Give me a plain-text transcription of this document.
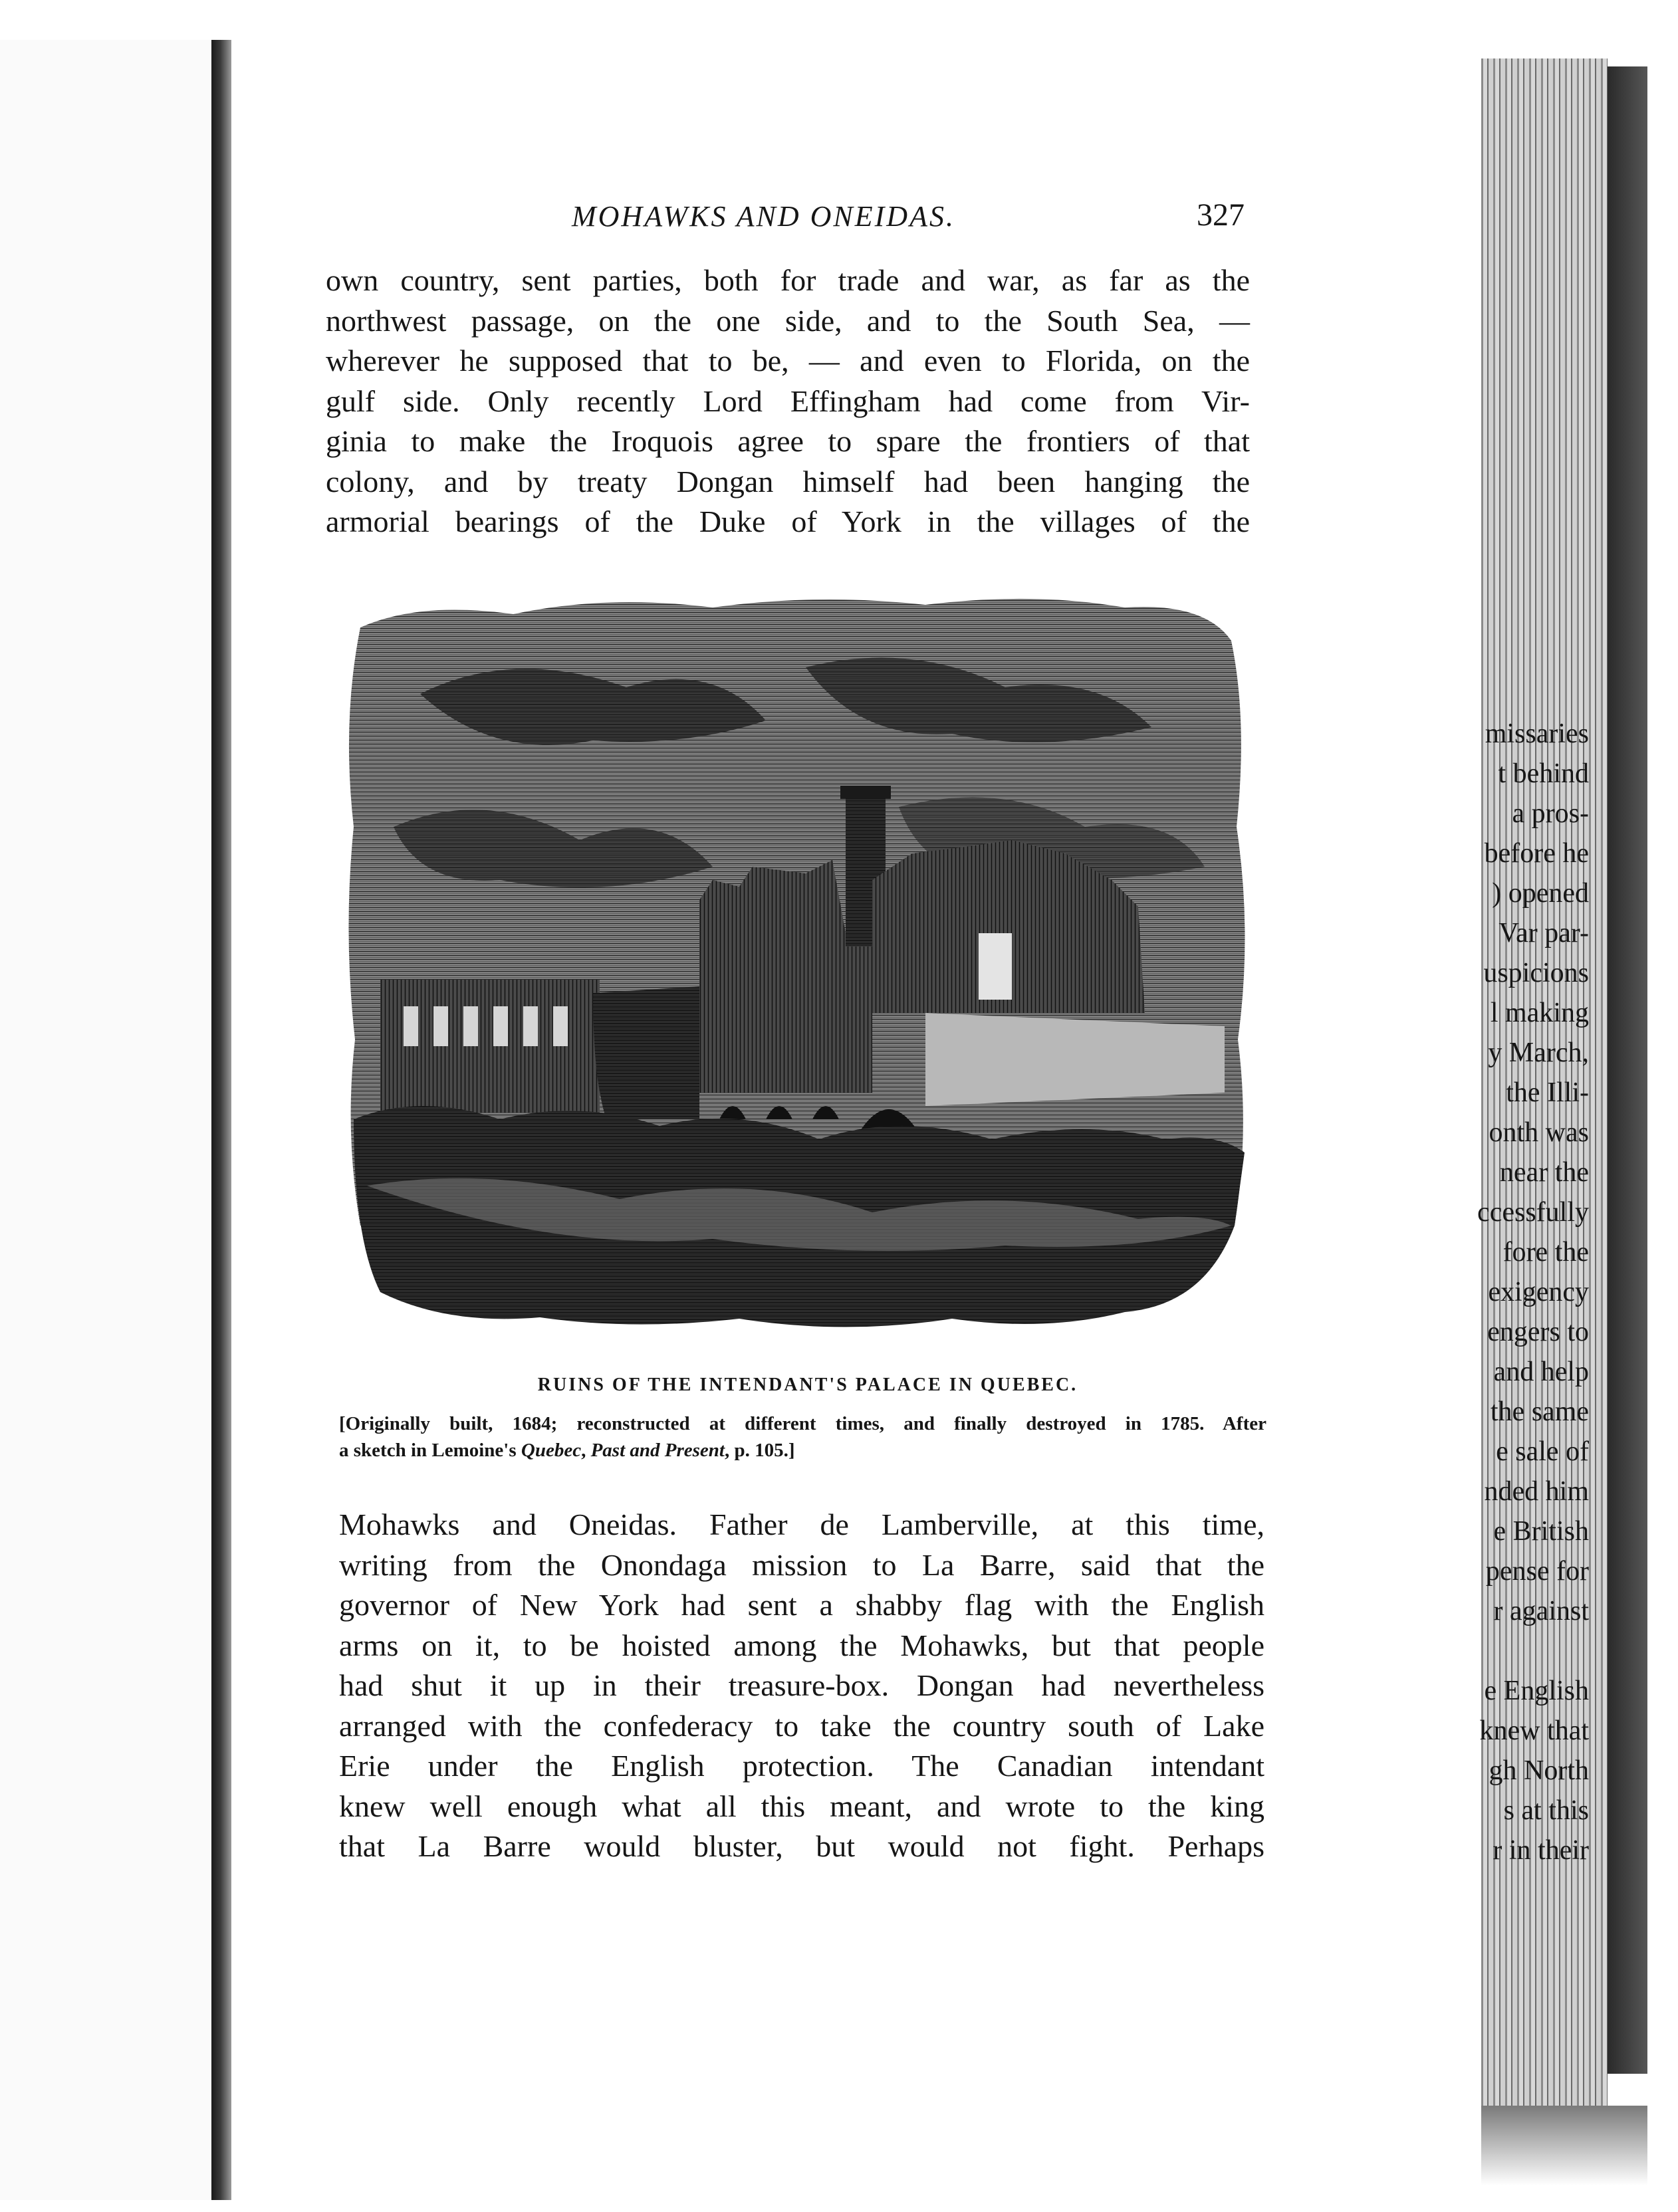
missaries
t behind
a pros-
before he
) opened
Var par-
uspicions
l making
y March,
the Illi-
onth was
near the
ccessfully
fore the
exigency
engers to
and help
the same
e sale of
nded him
e British
pense for
r against
e English
knew that
gh North
s at this
r in their
MOHAWKS AND ONEIDAS.	327
own country, sent parties, both for trade and war, as far as the
northwest passage, on the one side, and to the South Sea, —
wherever he supposed that to be, — and even to Florida, on the
gulf side. Only recently Lord Effingham had come from Vir-
ginia to make the Iroquois agree to spare the frontiers of that
colony, and by treaty Dongan himself had been hanging the
armorial bearings of the Duke of York in the villages of the
RUINS OF THE INTENDANT'S PALACE IN QUEBEC.
[Originally built, 1684; reconstructed at different times, and finally destroyed in 1785. After
a sketch in Lemoine's Quebec, Past and Present, p. 105.]
Mohawks and Oneidas. Father de Lamberville, at this time,
writing from the Onondaga mission to La Barre, said that the
governor of New York had sent a shabby flag with the English
arms on it, to be hoisted among the Mohawks, but that people
had shut it up in their treasure-box. Dongan had nevertheless
arranged with the confederacy to take the country south of Lake
Erie under the English protection. The Canadian intendant
knew well enough what all this meant, and wrote to the king
that La Barre would bluster, but would not fight. Perhaps
